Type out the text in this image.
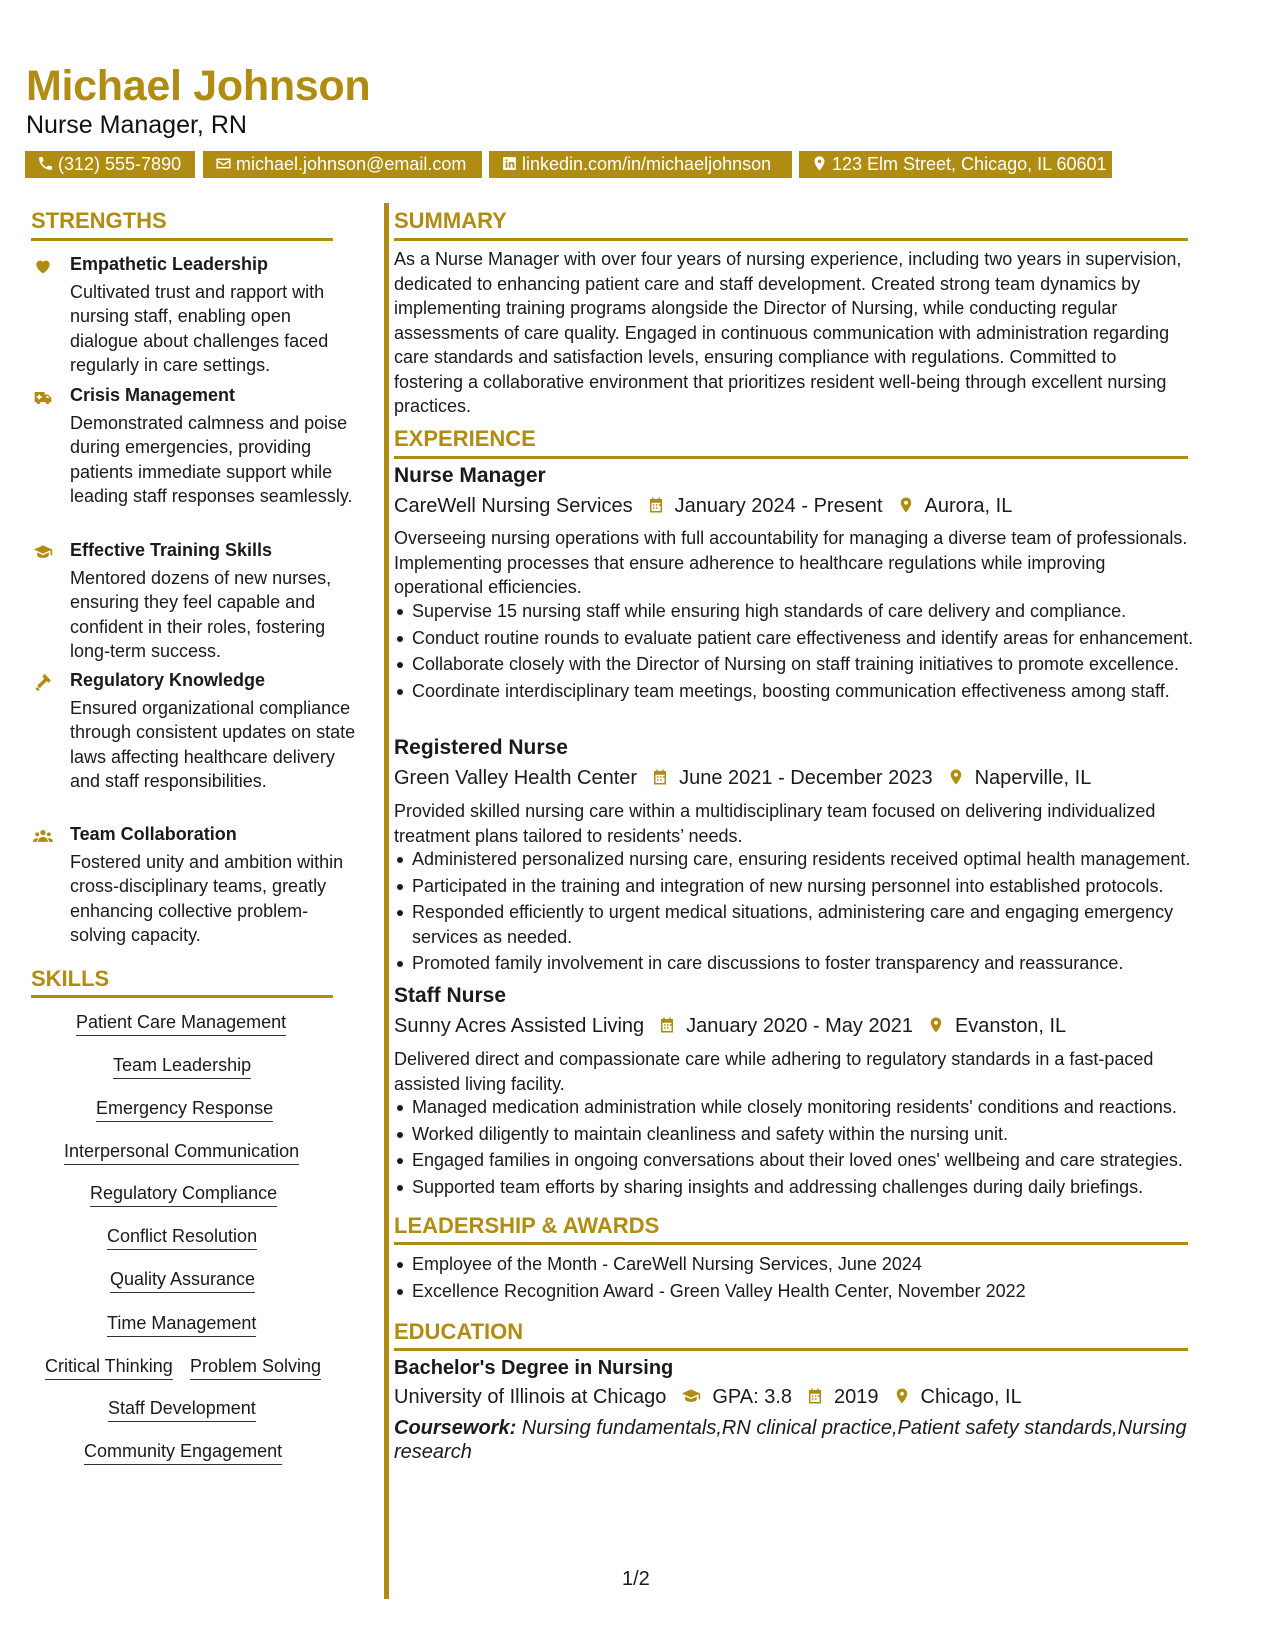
Michael Johnson
Nurse Manager, RN
(312) 555-7890	michael.johnson@email.com	linkedin.com/in/michaeljohnson	123 Elm Street, Chicago, IL 60601
STRENGTHS
Empathetic Leadership
Cultivated trust and rapport with nursing staff, enabling open dialogue about challenges faced regularly in care settings.
Crisis Management
Demonstrated calmness and poise during emergencies, providing patients immediate support while leading staff responses seamlessly.
Effective Training Skills
Mentored dozens of new nurses, ensuring they feel capable and confident in their roles, fostering long-term success.
Regulatory Knowledge
Ensured organizational compliance through consistent updates on state laws affecting healthcare delivery and staff responsibilities.
Team Collaboration
Fostered unity and ambition within cross-disciplinary teams, greatly enhancing collective problem-solving capacity.
SKILLS
Patient Care Management
Team Leadership
Emergency Response
Interpersonal Communication
Regulatory Compliance
Conflict Resolution
Quality Assurance
Time Management
Critical Thinking Problem Solving
Staff Development
Community Engagement
SUMMARY
As a Nurse Manager with over four years of nursing experience, including two years in supervision, dedicated to enhancing patient care and staff development. Created strong team dynamics by implementing training programs alongside the Director of Nursing, while conducting regular assessments of care quality. Engaged in continuous communication with administration regarding care standards and satisfaction levels, ensuring compliance with regulations. Committed to fostering a collaborative environment that prioritizes resident well-being through excellent nursing practices.
EXPERIENCE
Nurse Manager
CareWell Nursing Services January 2024 - Present Aurora, IL
Overseeing nursing operations with full accountability for managing a diverse team of professionals. Implementing processes that ensure adherence to healthcare regulations while improving operational efficiencies.
Supervise 15 nursing staff while ensuring high standards of care delivery and compliance.
Conduct routine rounds to evaluate patient care effectiveness and identify areas for enhancement.
Collaborate closely with the Director of Nursing on staff training initiatives to promote excellence.
Coordinate interdisciplinary team meetings, boosting communication effectiveness among staff.
Registered Nurse
Green Valley Health Center June 2021 - December 2023 Naperville, IL
Provided skilled nursing care within a multidisciplinary team focused on delivering individualized treatment plans tailored to residents’ needs.
Administered personalized nursing care, ensuring residents received optimal health management.
Participated in the training and integration of new nursing personnel into established protocols.
Responded efficiently to urgent medical situations, administering care and engaging emergency services as needed.
Promoted family involvement in care discussions to foster transparency and reassurance.
Staff Nurse
Sunny Acres Assisted Living January 2020 - May 2021 Evanston, IL
Delivered direct and compassionate care while adhering to regulatory standards in a fast-paced assisted living facility.
Managed medication administration while closely monitoring residents' conditions and reactions.
Worked diligently to maintain cleanliness and safety within the nursing unit.
Engaged families in ongoing conversations about their loved ones' wellbeing and care strategies.
Supported team efforts by sharing insights and addressing challenges during daily briefings.
LEADERSHIP & AWARDS
Employee of the Month - CareWell Nursing Services, June 2024
Excellence Recognition Award - Green Valley Health Center, November 2022
EDUCATION
Bachelor's Degree in Nursing
University of Illinois at Chicago GPA: 3.8 2019 Chicago, IL
Coursework: Nursing fundamentals,RN clinical practice,Patient safety standards,Nursing research
1/2
